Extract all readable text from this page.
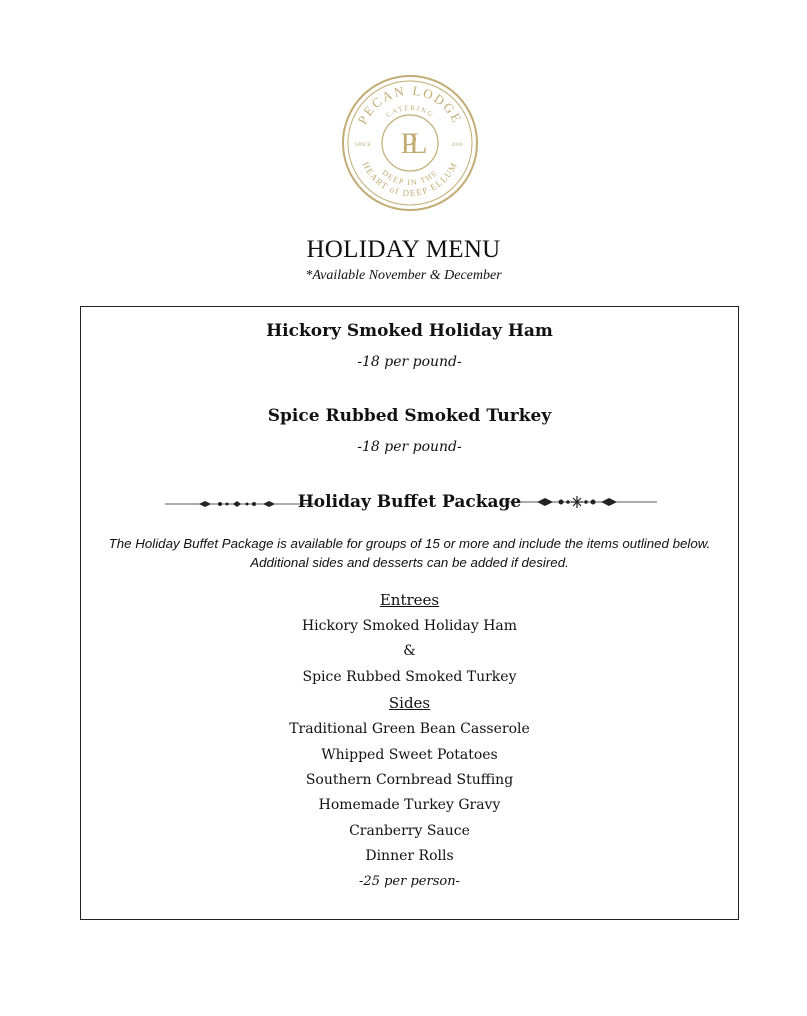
PECAN LODGE
CATERING
DEEP IN THE
HEART of DEEP ELLUM
SINCE	2010
PL
HOLIDAY MENU
*Available November & December
Hickory Smoked Holiday Ham
-18 per pound-
Spice Rubbed Smoked Turkey
-18 per pound-
Holiday Buffet Package
The Holiday Buffet Package is available for groups of 15 or more and include the items outlined below.
Additional sides and desserts can be added if desired.
Entrees
Hickory Smoked Holiday Ham
&
Spice Rubbed Smoked Turkey
Sides
Traditional Green Bean Casserole
Whipped Sweet Potatoes
Southern Cornbread Stuffing
Homemade Turkey Gravy
Cranberry Sauce
Dinner Rolls
-25 per person-
